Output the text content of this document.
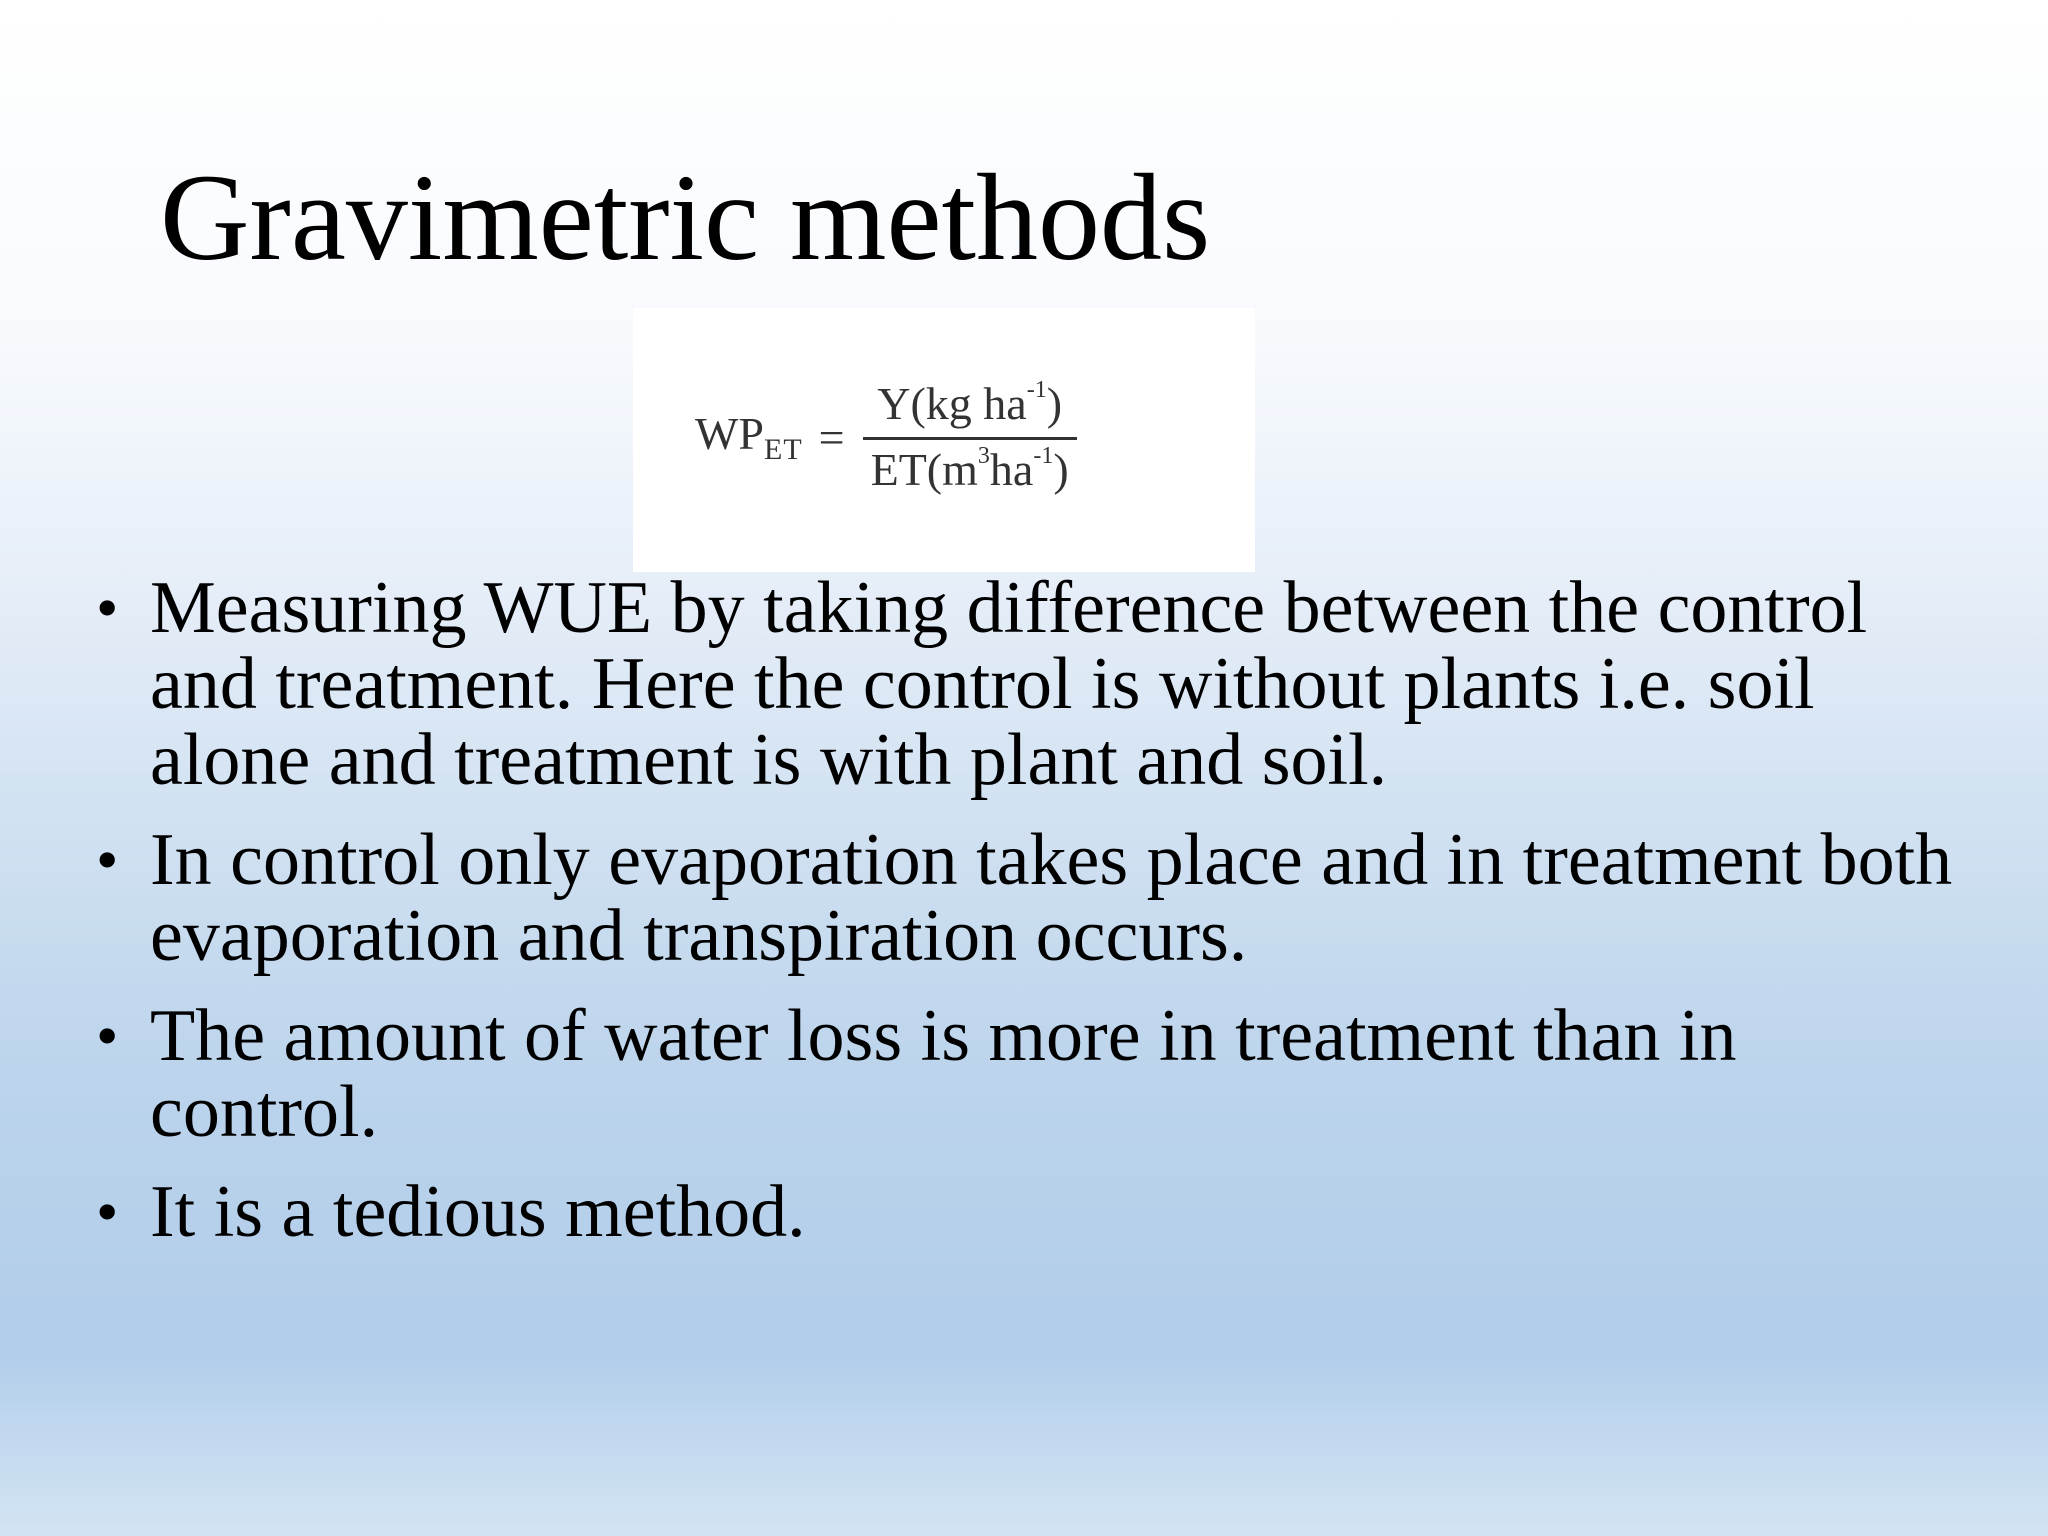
Gravimetric methods
$WP_{ET} = \frac{Y(kg ha^{-1})}{ET(m^3ha^{-1})}$
• Measuring WUE by taking difference between the control and treatment. Here the control is without plants i.e. soil alone and treatment is with plant and soil.
• In control only evaporation takes place and in treatment both evaporation and transpiration occurs.
• The amount of water loss is more in treatment than in control.
• It is a tedious method.
